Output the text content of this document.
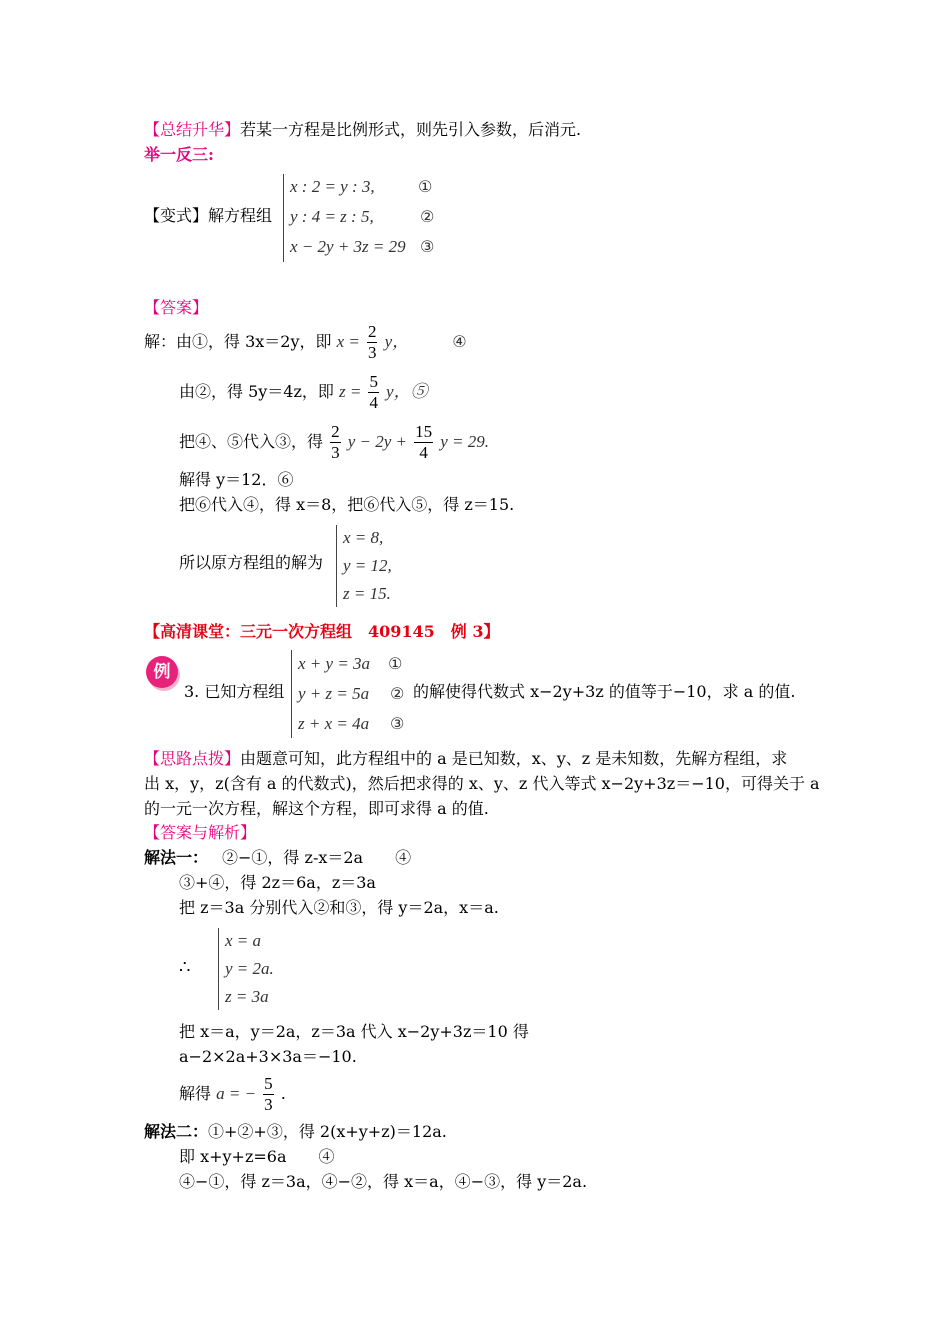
【总结升华】若某一方程是比例形式，则先引入参数，后消元.
举一反三:
【变式】解方程组
x : 2 = y : 3,
y : 4 = z : 5,
x − 2y + 3z = 29
①
②
③
【答案】
解：由①，得 3x＝2y，即 $x = \frac{2}{3}$ y，	④
由②，得 5y＝4z，即 $z = \frac{5}{4}$ y，⑤
把④、⑤代入③，得 $\frac{2}{3}$ $y - 2y + \frac{15}{4}$ y = 29.
解得 y＝12．⑥
把⑥代入④，得 x＝8，把⑥代入⑤，得 z＝15.
所以原方程组的解为
x = 8,
y = 12,
z = 15.
【高清课堂：三元一次方程组　409145　例 3】
例
3. 已知方程组
x + y = 3a
y + z = 5a
z + x = 4a
①
②
③
的解使得代数式 x−2y+3z 的值等于−10，求 a 的值.
【思路点拨】由题意可知，此方程组中的 a 是已知数，x、y、z 是未知数，先解方程组，求
出 x，y，z(含有 a 的代数式)，然后把求得的 x、y、z 代入等式 x−2y+3z＝−10，可得关于 a
的一元一次方程，解这个方程，即可求得 a 的值.
【答案与解析】
解法一： ②−①，得 z-x＝2a　　④
③+④，得 2z＝6a，z＝3a
把 z＝3a 分别代入②和③，得 y＝2a，x＝a.
∴
x = a
y = 2a.
z = 3a
把 x＝a，y＝2a，z＝3a 代入 x−2y+3z＝10 得
a−2×2a+3×3a＝−10.
解得 a = − $\frac{5}{3}$ .
解法二：①+②+③，得 2(x+y+z)＝12a.
即 x+y+z=6a　　④
④−①，得 z＝3a，④−②，得 x＝a，④−③，得 y＝2a.
